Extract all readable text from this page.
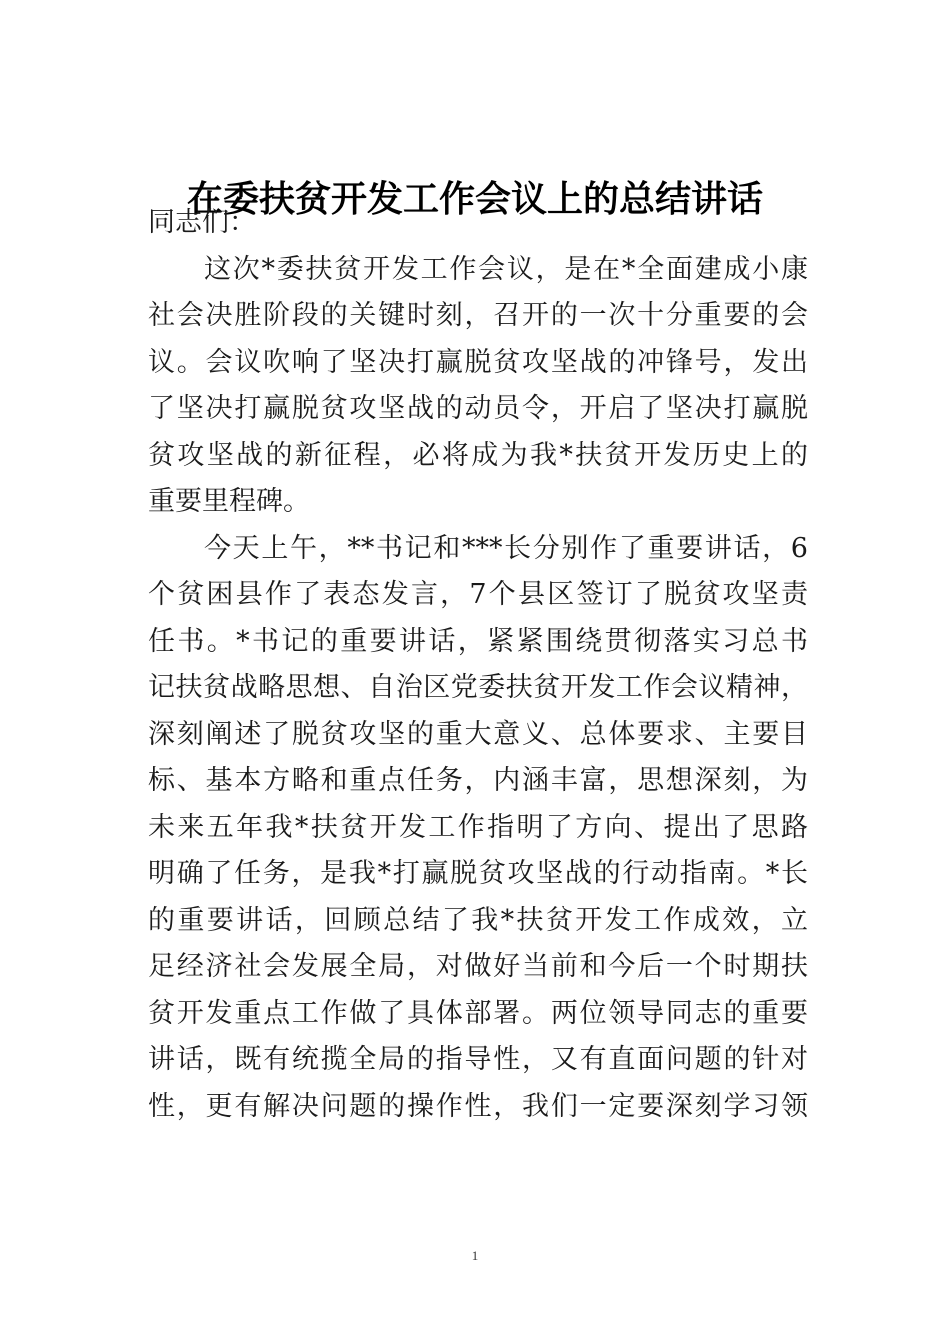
在委扶贫开发工作会议上的总结讲话
同志们：
这次*委扶贫开发工作会议，是在*全面建成小康
社会决胜阶段的关键时刻，召开的一次十分重要的会
议。会议吹响了坚决打赢脱贫攻坚战的冲锋号，发出
了坚决打赢脱贫攻坚战的动员令，开启了坚决打赢脱
贫攻坚战的新征程，必将成为我*扶贫开发历史上的
重要里程碑。
今天上午，**书记和***长分别作了重要讲话，6
个贫困县作了表态发言，7个县区签订了脱贫攻坚责
任书。*书记的重要讲话，紧紧围绕贯彻落实习总书
记扶贫战略思想、自治区党委扶贫开发工作会议精神，
深刻阐述了脱贫攻坚的重大意义、总体要求、主要目
标、基本方略和重点任务，内涵丰富，思想深刻，为
未来五年我*扶贫开发工作指明了方向、提出了思路
明确了任务，是我*打赢脱贫攻坚战的行动指南。*长
的重要讲话，回顾总结了我*扶贫开发工作成效，立
足经济社会发展全局，对做好当前和今后一个时期扶
贫开发重点工作做了具体部署。两位领导同志的重要
讲话，既有统揽全局的指导性，又有直面问题的针对
性，更有解决问题的操作性，我们一定要深刻学习领
1
